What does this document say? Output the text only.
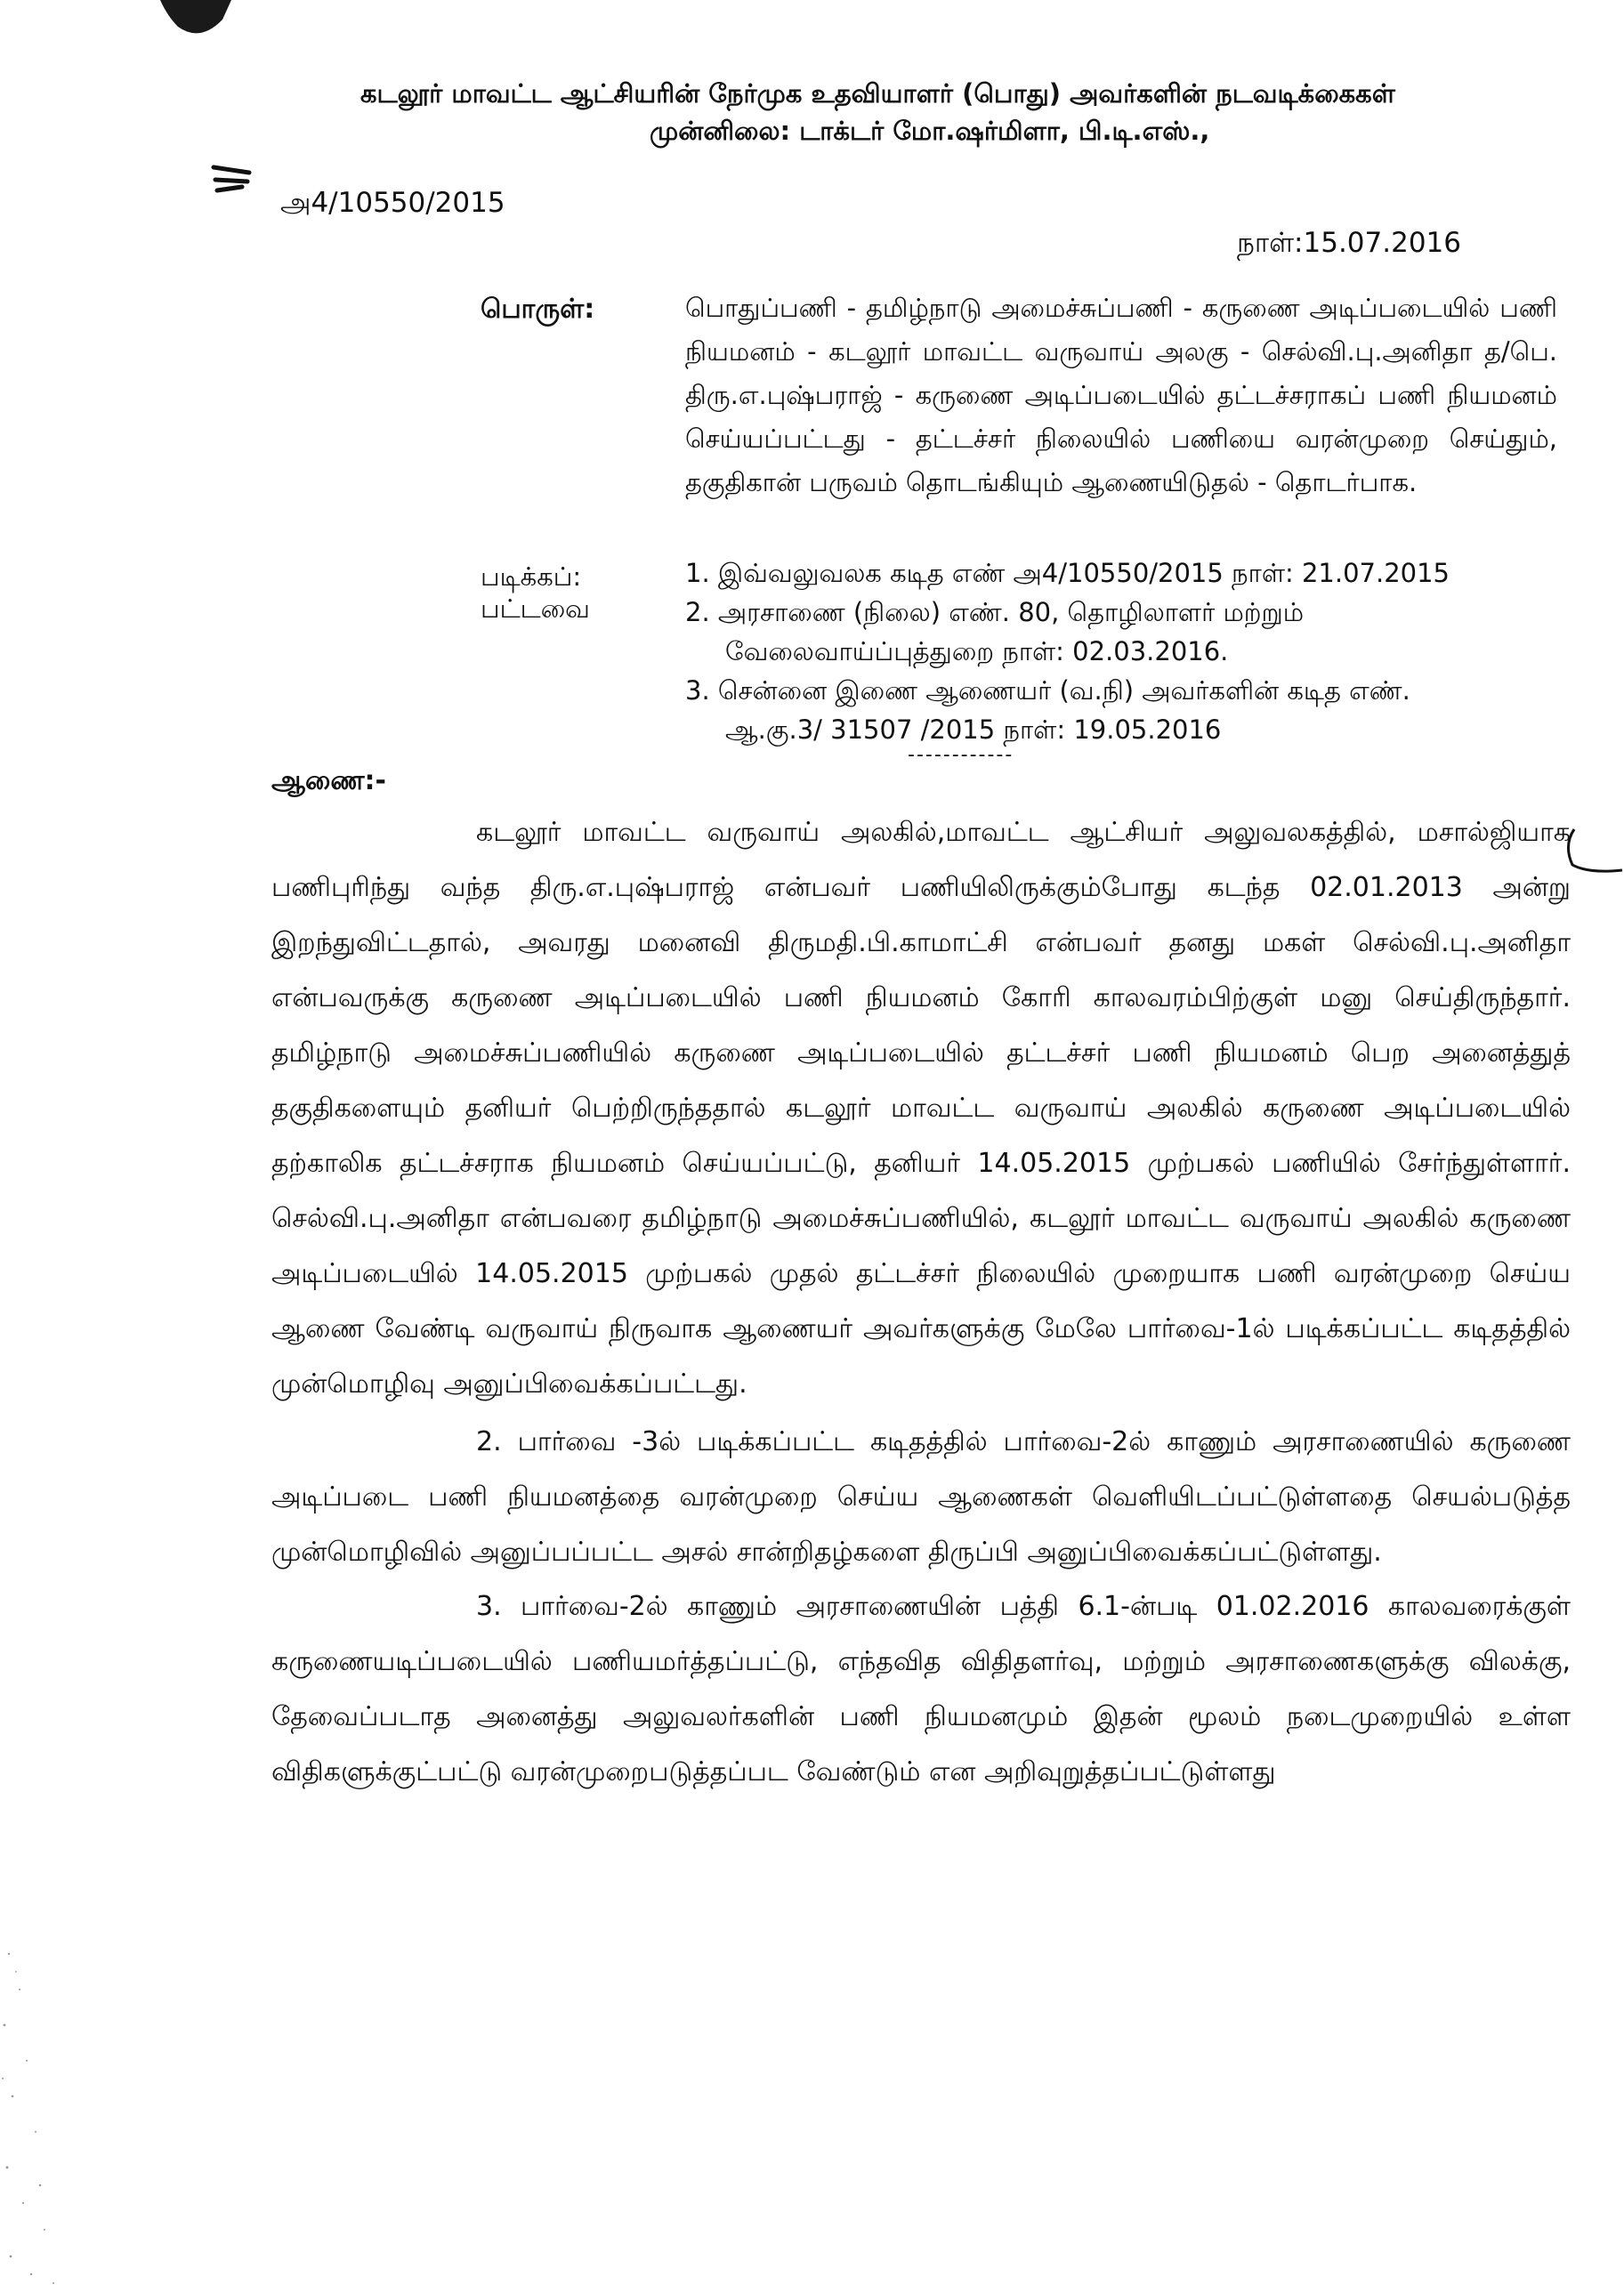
கடலூர் மாவட்ட ஆட்சியரின் நேர்முக உதவியாளர் (பொது) அவர்களின் நடவடிக்கைகள்
முன்னிலை: டாக்டர் மோ.ஷர்மிளா, பி.டி.எஸ்.,
அ4/10550/2015
நாள்:15.07.2016
பொருள்:	பொதுப்பணி - தமிழ்நாடு அமைச்சுப்பணி - கருணை அடிப்படையில் பணி நியமனம் - கடலூர் மாவட்ட வருவாய் அலகு - செல்வி.பு.அனிதா த/பெ. திரு.எ.புஷ்பராஜ் - கருணை அடிப்படையில் தட்டச்சராகப் பணி நியமனம் செய்யப்பட்டது - தட்டச்சர் நிலையில் பணியை வரன்முறை செய்தும், தகுதிகான் பருவம் தொடங்கியும் ஆணையிடுதல் - தொடர்பாக.
படிக்கப்:
பட்டவை
1. இவ்வலுவலக கடித எண் அ4/10550/2015 நாள்: 21.07.2015
2. அரசாணை (நிலை) எண். 80, தொழிலாளர் மற்றும்
வேலைவாய்ப்புத்துறை நாள்: 02.03.2016.
3. சென்னை இணை ஆணையர் (வ.நி) அவர்களின் கடித எண்.
ஆ.கு.3/ 31507 /2015 நாள்: 19.05.2016
------------
ஆணை:-
கடலூர் மாவட்ட வருவாய் அலகில்,மாவட்ட ஆட்சியர் அலுவலகத்தில், மசால்ஜியாக பணிபுரிந்து வந்த திரு.எ.புஷ்பராஜ் என்பவர் பணியிலிருக்கும்போது கடந்த 02.01.2013 அன்று இறந்துவிட்டதால், அவரது மனைவி திருமதி.பி.காமாட்சி என்பவர் தனது மகள் செல்வி.பு.அனிதா என்பவருக்கு கருணை அடிப்படையில் பணி நியமனம் கோரி காலவரம்பிற்குள் மனு செய்திருந்தார். தமிழ்நாடு அமைச்சுப்பணியில் கருணை அடிப்படையில் தட்டச்சர் பணி நியமனம் பெற அனைத்துத் தகுதிகளையும் தனியர் பெற்றிருந்ததால் கடலூர் மாவட்ட வருவாய் அலகில் கருணை அடிப்படையில் தற்காலிக தட்டச்சராக நியமனம் செய்யப்பட்டு, தனியர் 14.05.2015 முற்பகல் பணியில் சேர்ந்துள்ளார். செல்வி.பு.அனிதா என்பவரை தமிழ்நாடு அமைச்சுப்பணியில், கடலூர் மாவட்ட வருவாய் அலகில் கருணை அடிப்படையில் 14.05.2015 முற்பகல் முதல் தட்டச்சர் நிலையில் முறையாக பணி வரன்முறை செய்ய ஆணை வேண்டி வருவாய் நிருவாக ஆணையர் அவர்களுக்கு மேலே பார்வை-1ல் படிக்கப்பட்ட கடிதத்தில் முன்மொழிவு அனுப்பிவைக்கப்பட்டது.
2. பார்வை -3ல் படிக்கப்பட்ட கடிதத்தில் பார்வை-2ல் காணும் அரசாணையில் கருணை அடிப்படை பணி நியமனத்தை வரன்முறை செய்ய ஆணைகள் வெளியிடப்பட்டுள்ளதை செயல்படுத்த முன்மொழிவில் அனுப்பப்பட்ட அசல் சான்றிதழ்களை திருப்பி அனுப்பிவைக்கப்பட்டுள்ளது.
3. பார்வை-2ல் காணும் அரசாணையின் பத்தி 6.1-ன்படி 01.02.2016 காலவரைக்குள் கருணையடிப்படையில் பணியமர்த்தப்பட்டு, எந்தவித விதிதளர்வு, மற்றும் அரசாணைகளுக்கு விலக்கு, தேவைப்படாத அனைத்து அலுவலர்களின் பணி நியமனமும் இதன் மூலம் நடைமுறையில் உள்ள விதிகளுக்குட்பட்டு வரன்முறைபடுத்தப்பட வேண்டும் என அறிவுறுத்தப்பட்டுள்ளது
